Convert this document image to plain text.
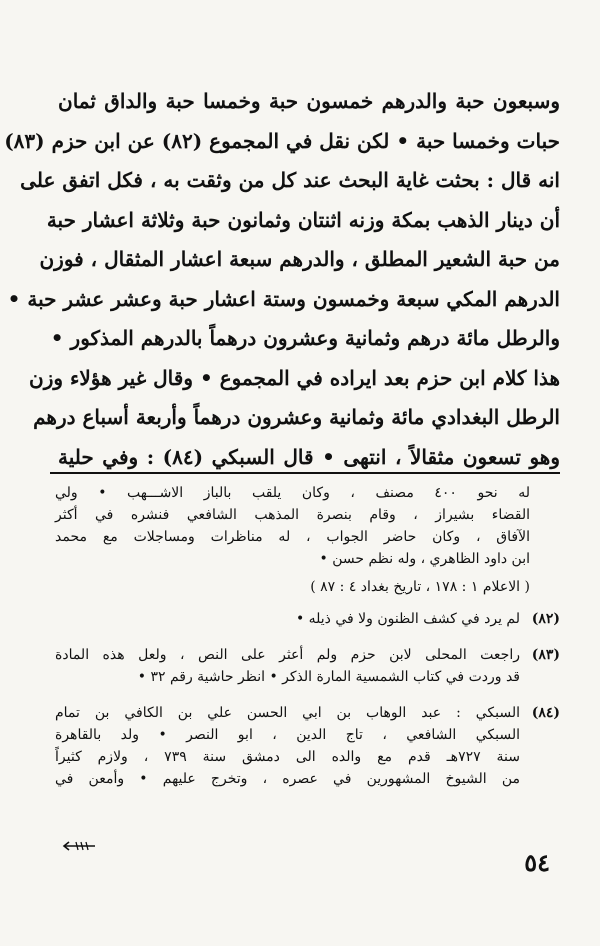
وسبعون حبة والدرهم خمسون حبة وخمسا حبة والداق ثمان
حبات وخمسا حبة • لكن نقل في المجموع (٨٢) عن ابن حزم (٨٣)
انه قال : بحثت غاية البحث عند كل من وثقت به ، فكل اتفق على
أن دينار الذهب بمكة وزنه اثنتان وثمانون حبة وثلاثة اعشار حبة
من حبة الشعير المطلق ، والدرهم سبعة اعشار المثقال ، فوزن
الدرهم المكي سبعة وخمسون وستة اعشار حبة وعشر عشر حبة •
والرطل مائة درهم وثمانية وعشرون درهماً بالدرهم المذكور •
هذا كلام ابن حزم بعد ايراده في المجموع • وقال غير هؤلاء وزن
الرطل البغدادي مائة وثمانية وعشرون درهماً وأربعة أسباع درهم
وهو تسعون مثقالاً ، انتهى • قال السبكي (٨٤) : وفي حلية
له نحو ٤٠٠ مصنف ، وكان يلقب بالباز الاشـــهب • ولي
القضاء بشيراز ، وقام بنصرة المذهب الشافعي فنشره في أكثر
الآفاق ، وكان حاضر الجواب ، له مناظرات ومساجلات مع محمد
ابن داود الظاهري ، وله نظم حسن •
( الاعلام ١ : ١٧٨ ، تاريخ بغداد ٤ : ٨٧ )
(٨٢)
لم يرد في كشف الظنون ولا في ذيله •
(٨٣)
راجعت المحلى لابن حزم ولم أعثر على النص ، ولعل هذه المادة
قد وردت في كتاب الشمسية المارة الذكر • انظر حاشية رقم ٣٢ •
(٨٤)
السبكي : عبد الوهاب بن ابي الحسن علي بن الكافي بن تمام
السبكي الشافعي ، تاج الدين ، ابو النصر • ولد بالقاهرة
سنة ٧٢٧هـ قدم مع والده الى دمشق سنة ٧٣٩ ، ولازم كثيراً
من الشيوخ المشهورين في عصره ، وتخرج عليهم • وأمعن في
٥٤
